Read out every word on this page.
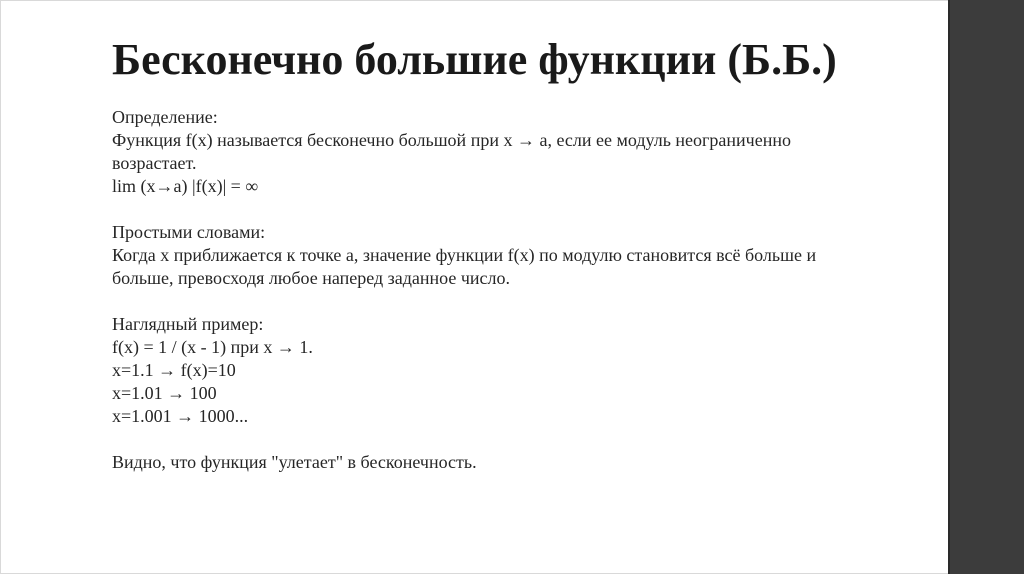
Бесконечно большие функции (Б.Б.)
Определение:
Функция f(x) называется бесконечно большой при x → a, если ее модуль неограниченно
возрастает.
lim (x→a) |f(x)| = ∞
Простыми словами:
Когда x приближается к точке a, значение функции f(x) по модулю становится всё больше и
больше, превосходя любое наперед заданное число.
Наглядный пример:
f(x) = 1 / (x - 1) при x → 1.
x=1.1 → f(x)=10
x=1.01 → 100
x=1.001 → 1000...
Видно, что функция "улетает" в бесконечность.
